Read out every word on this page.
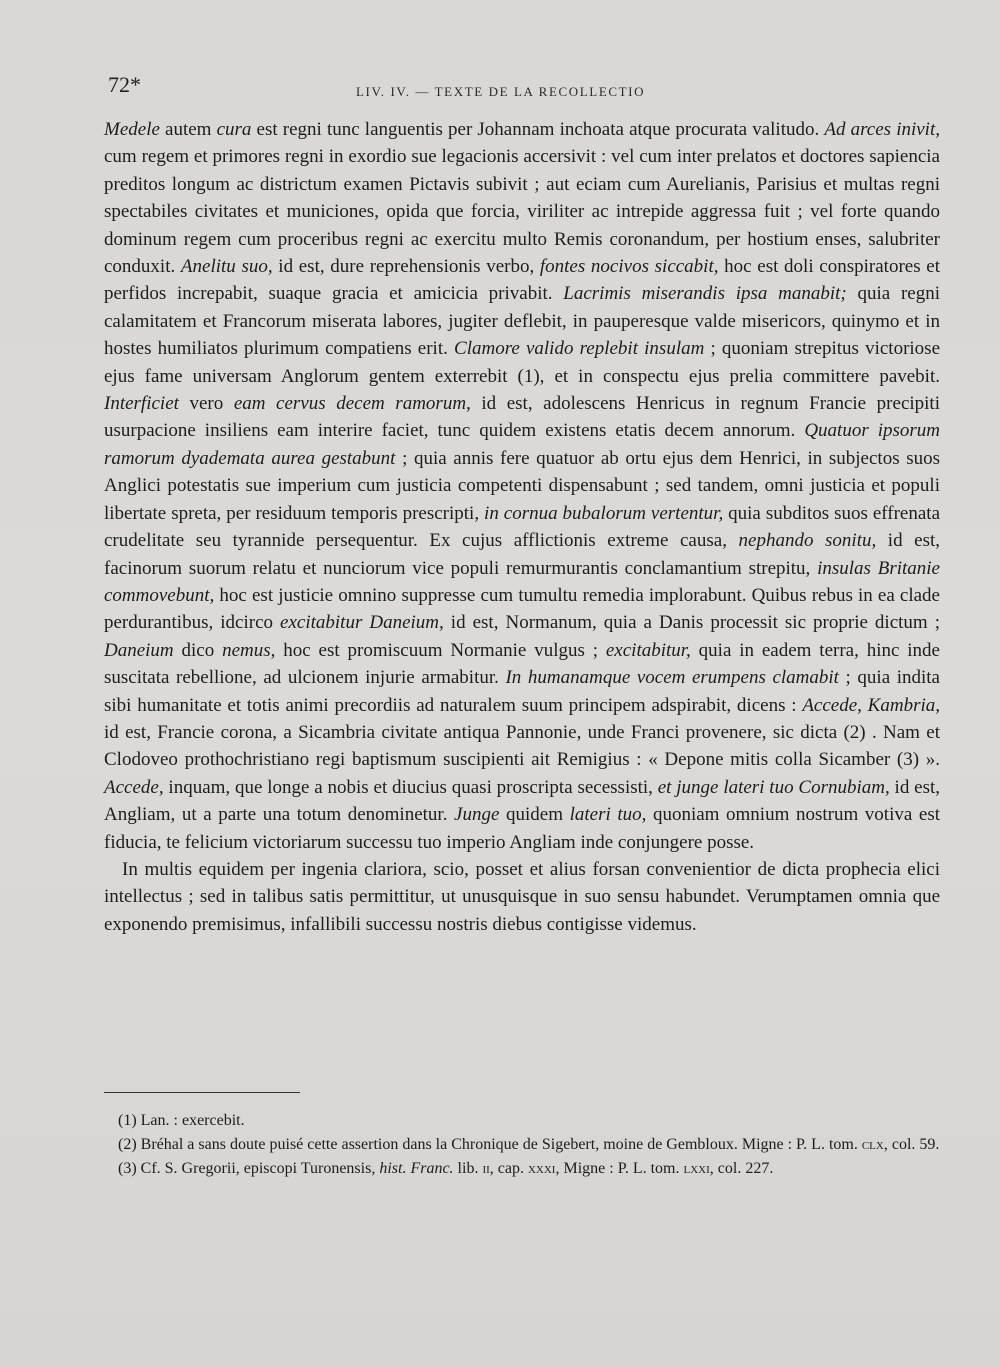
72*	LIV. IV. — TEXTE DE LA RECOLLECTIO

Medele autem cura est regni tunc languentis per Johannam inchoata atque procurata valitudo. Ad arces inivit, cum regem et primores regni in exordio sue legacionis accersivit : vel cum inter prelatos et doctores sapiencia preditos longum ac districtum examen Pictavis subivit ; aut eciam cum Aurelianis, Parisius et multas regni spectabiles civitates et municiones, opida que forcia, viriliter ac intrepide aggressa fuit ; vel forte quando dominum regem cum proceribus regni ac exercitu multo Remis coronandum, per hostium enses, salubriter conduxit. Anelitu suo, id est, dure reprehensionis verbo, fontes nocivos siccabit, hoc est doli conspiratores et perfidos increpabit, suaque gracia et amicicia privabit. Lacrimis miserandis ipsa manabit; quia regni calamitatem et Francorum miserata labores, jugiter deflebit, in pauperesque valde misericors, quinymo et in hostes humiliatos plurimum compatiens erit. Clamore valido replebit insulam ; quoniam strepitus victoriose ejus fame universam Anglorum gentem exterrebit (1), et in conspectu ejus prelia committere pavebit. Interficiet vero eam cervus decem ramorum, id est, adolescens Henricus in regnum Francie precipiti usurpacione insiliens eam interire faciet, tunc quidem existens etatis decem annorum. Quatuor ipsorum ramorum dyademata aurea gestabunt ; quia annis fere quatuor ab ortu ejus dem Henrici, in subjectos suos Anglici potestatis sue imperium cum justicia competenti dispensabunt ; sed tandem, omni justicia et populi libertate spreta, per residuum temporis prescripti, in cornua bubalorum vertentur, quia subditos suos effrenata crudelitate seu tyrannide persequentur. Ex cujus afflictionis extreme causa, nephando sonitu, id est, facinorum suorum relatu et nunciorum vice populi remurmurantis conclamantium strepitu, insulas Britanie commovebunt, hoc est justicie omnino suppresse cum tumultu remedia implorabunt. Quibus rebus in ea clade perdurantibus, idcirco excitabitur Daneium, id est, Normanum, quia a Danis processit sic proprie dictum ; Daneium dico nemus, hoc est promiscuum Normanie vulgus ; excitabitur, quia in eadem terra, hinc inde suscitata rebellione, ad ulcionem injurie armabitur. In humanamque vocem erumpens clamabit ; quia indita sibi humanitate et totis animi precordiis ad naturalem suum principem adspirabit, dicens : Accede, Kambria, id est, Francie corona, a Sicambria civitate antiqua Pannonie, unde Franci provenere, sic dicta (2) . Nam et Clodoveo prothochristiano regi baptismum suscipienti ait Remigius : « Depone mitis colla Sicamber (3) ». Accede, inquam, que longe a nobis et diucius quasi proscripta secessisti, et junge lateri tuo Cornubiam, id est, Angliam, ut a parte una totum denominetur. Junge quidem lateri tuo, quoniam omnium nostrum votiva est fiducia, te felicium victoriarum successu tuo imperio Angliam inde conjungere posse.

In multis equidem per ingenia clariora, scio, posset et alius forsan convenientior de dicta prophecia elici intellectus ; sed in talibus satis permittitur, ut unusquisque in suo sensu habundet. Verumptamen omnia que exponendo premisimus, infallibili successu nostris diebus contigisse videmus.

(1) Lan. : exercebit.

(2) Bréhal a sans doute puisé cette assertion dans la Chronique de Sigebert, moine de Gembloux. Migne : P. L. tom. clx, col. 59.

(3) Cf. S. Gregorii, episcopi Turonensis, hist. Franc. lib. ii, cap. xxxi, Migne : P. L. tom. lxxi, col. 227.
